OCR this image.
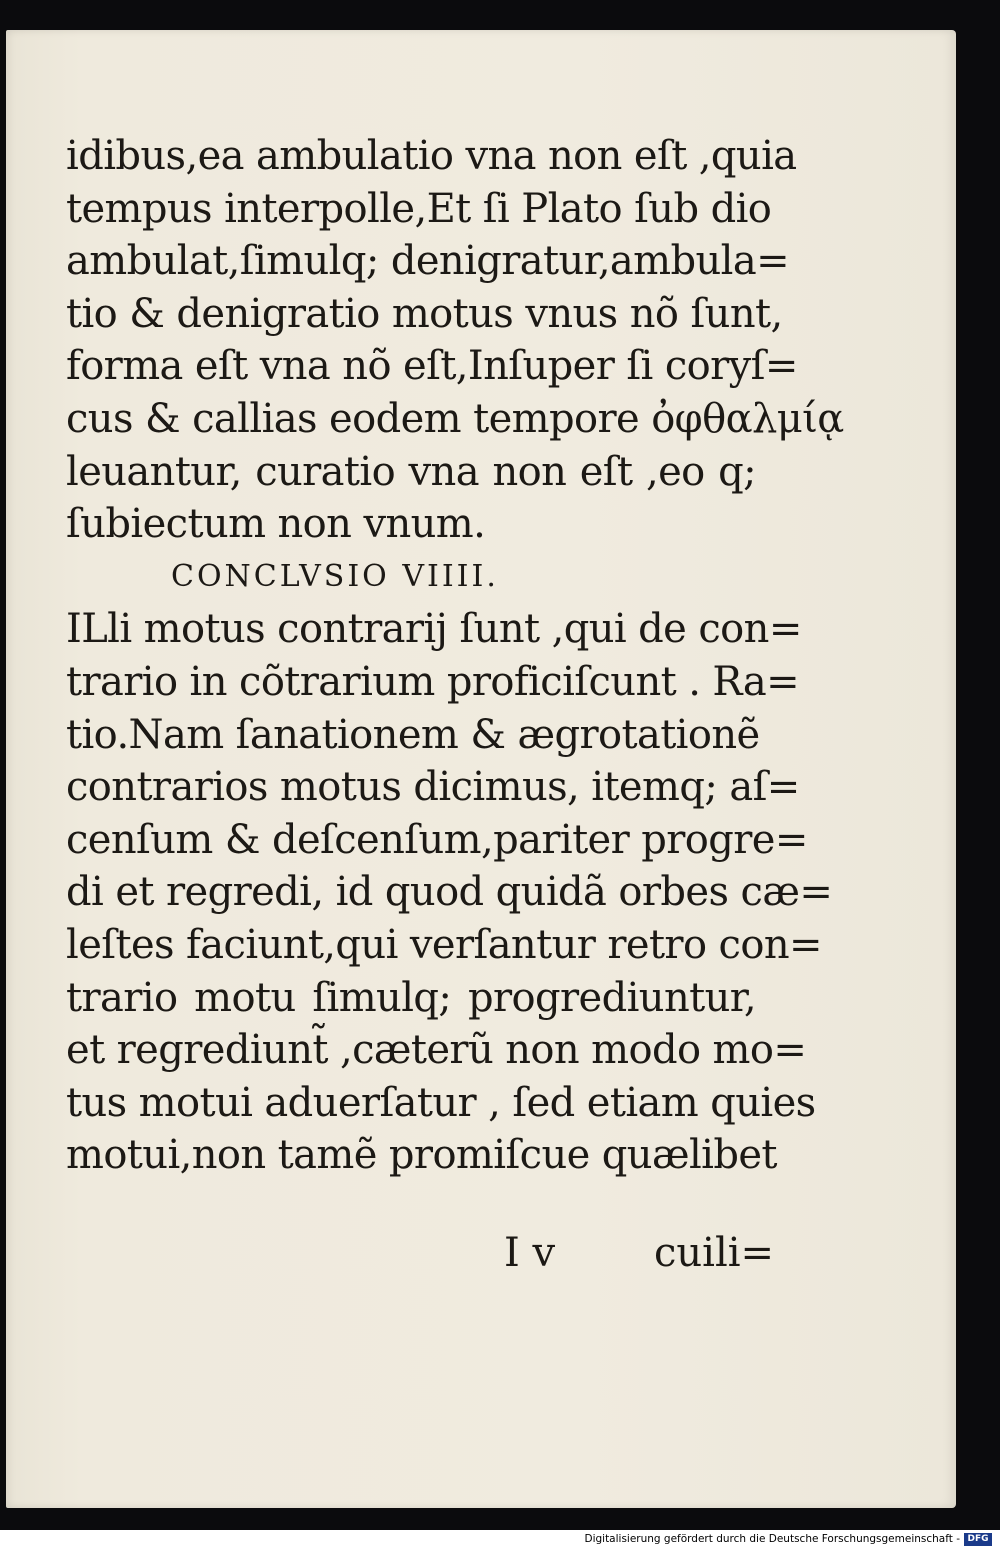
idibus,ea ambulatio vna non eſt ,quia
tempus interpolle,Et ſi Plato ſub dio
ambulat,ſimulq; denigratur,ambula=
tio & denigratio motus vnus nõ ſunt,
forma eſt vna nõ eſt,Inſuper ſi coryſ=
cus & callias eodem tempore ὀφθαλμίᾳ
leuantur, curatio vna non eſt ,eo q;
ſubiectum non vnum.
CONCLVSIO VIIII.
ILli motus contrarij ſunt ,qui de con=
trario in cõtrarium proficiſcunt . Ra=
tio.Nam ſanationem & ægrotationẽ
contrarios motus dicimus, itemq; aſ=
cenſum & deſcenſum,pariter progre=
di et regredi, id quod quidã orbes cæ=
leſtes faciunt,qui verſantur retro con=
trario motu ſimulq; progrediuntur,
et regrediunt̃ ,cæterũ non modo mo=
tus motui aduerſatur , ſed etiam quies
motui,non tamẽ promiſcue quælibet
I v cuili=
Digitalisierung gefördert durch die Deutsche Forschungsgemeinschaft - DFG
